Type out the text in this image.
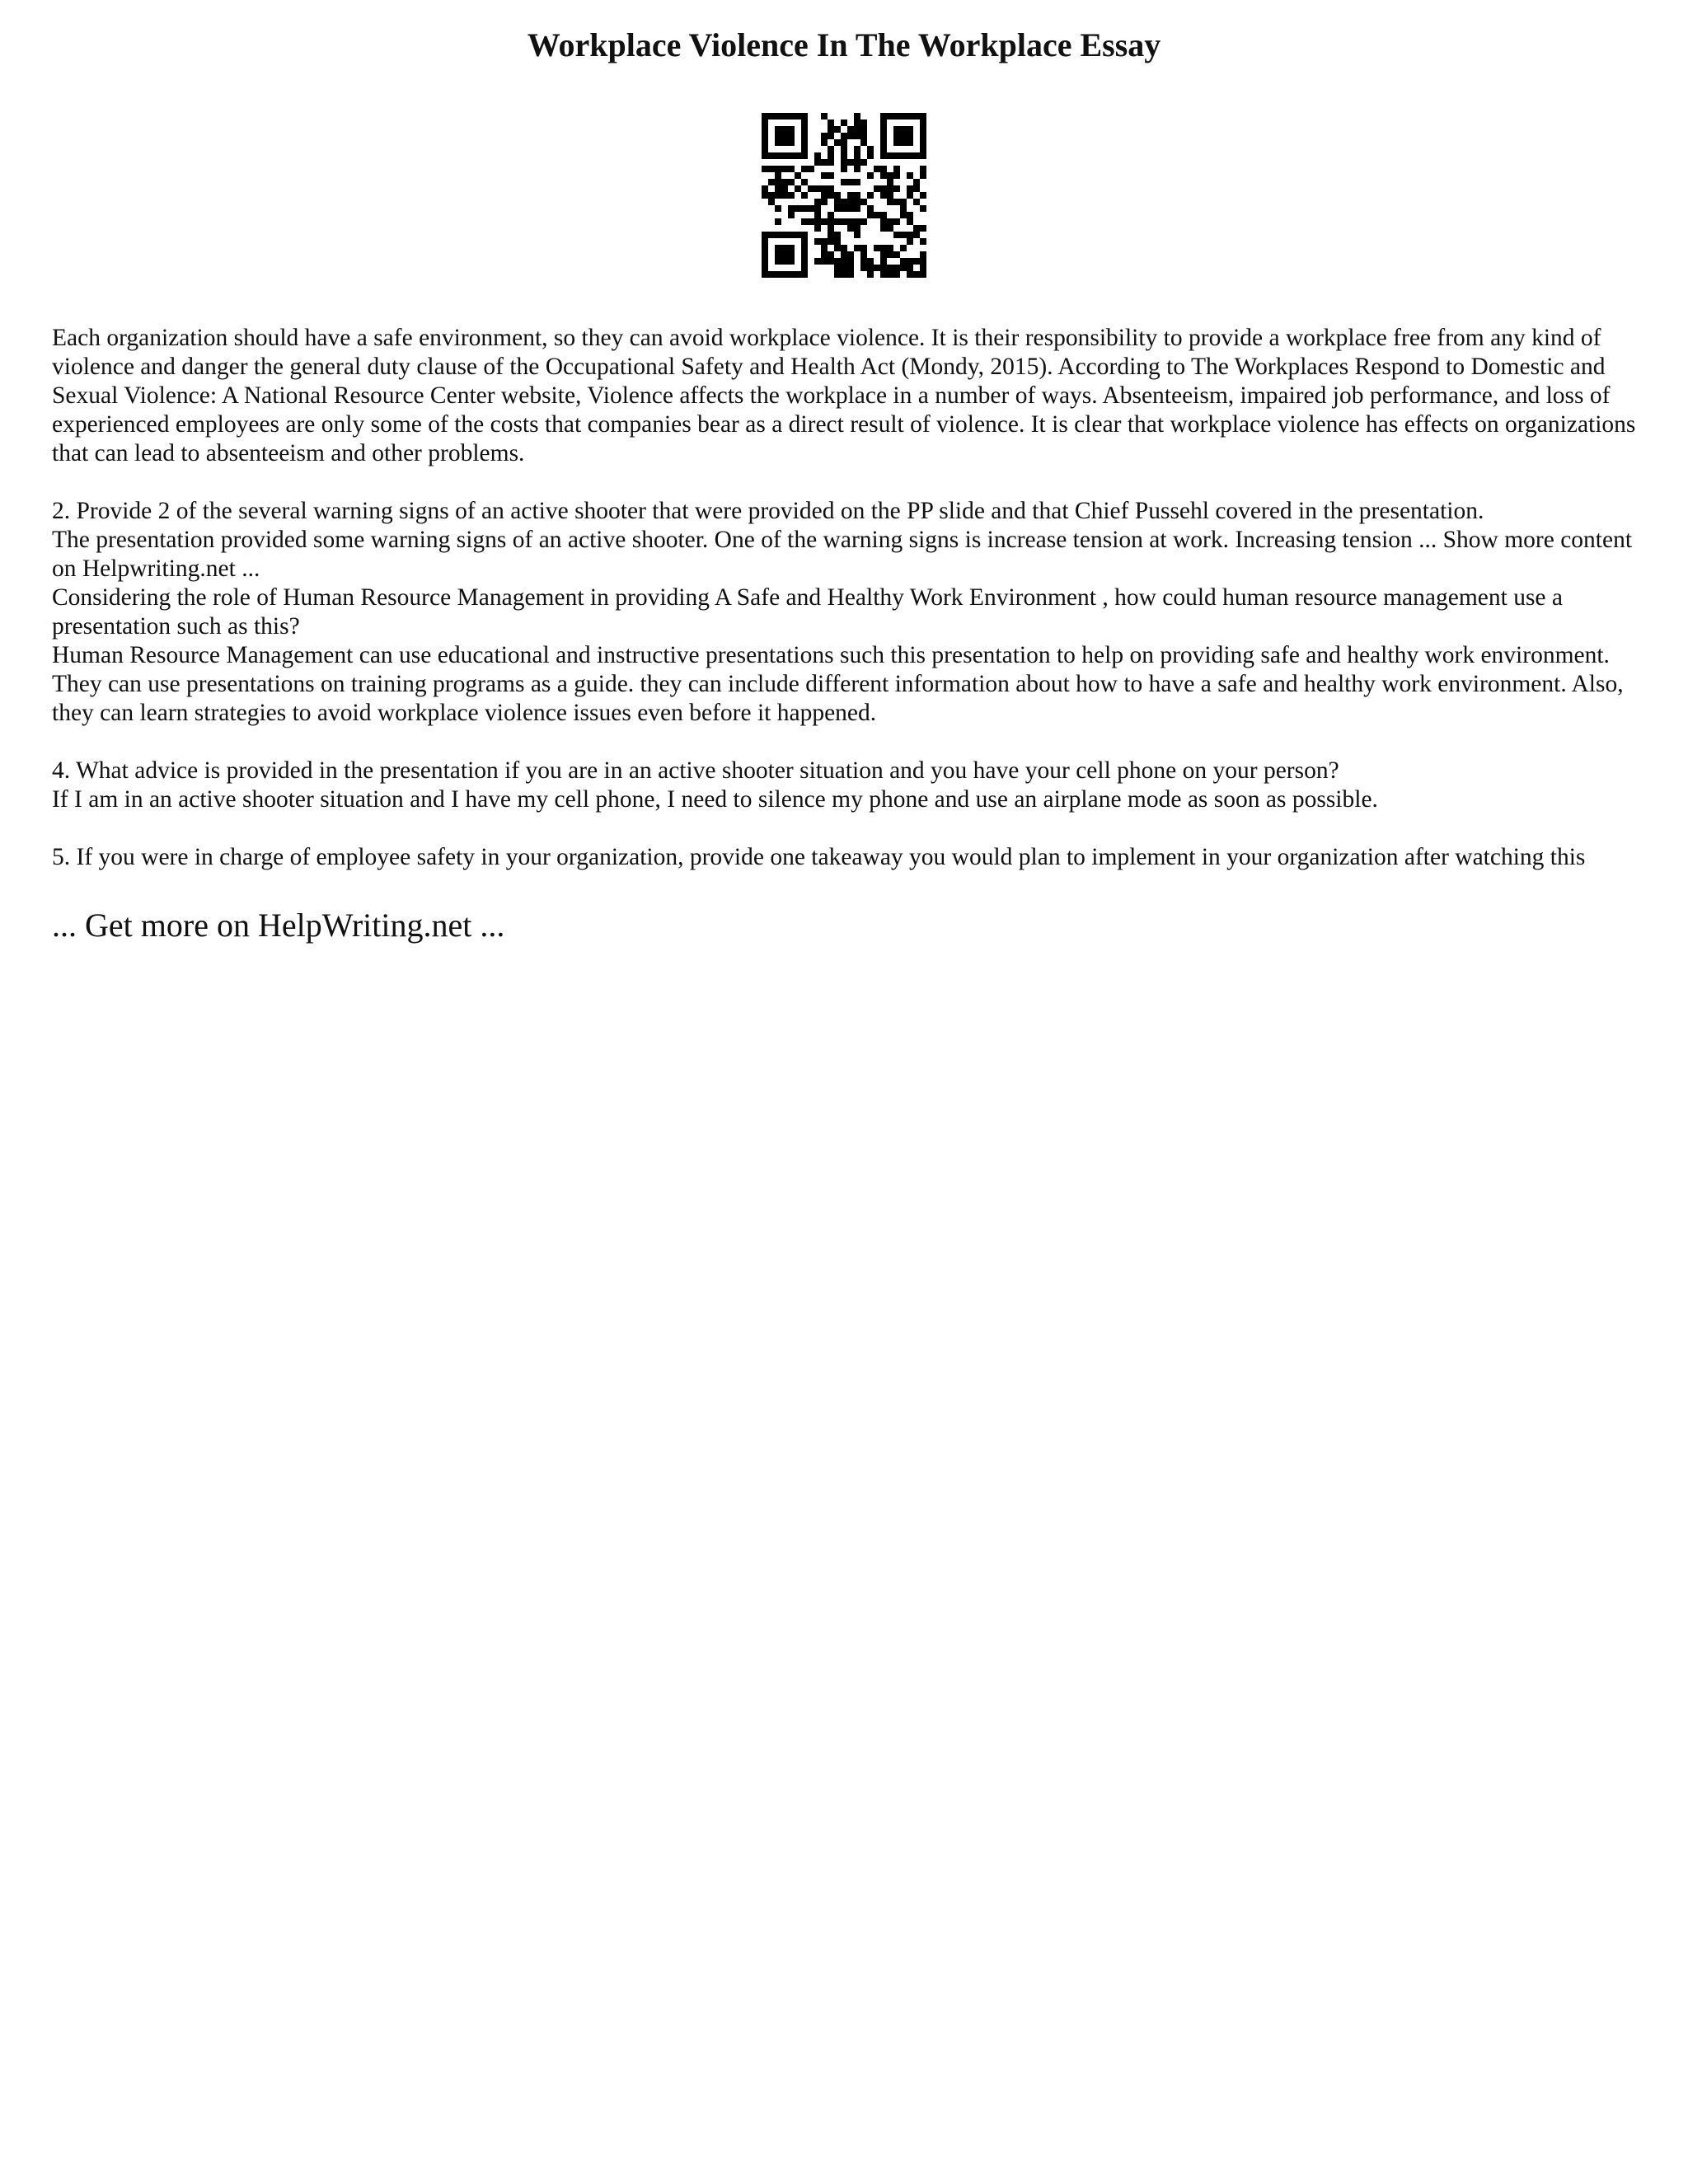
Workplace Violence In The Workplace Essay

Each organization should have a safe environment, so they can avoid workplace violence. It is their responsibility to provide a workplace free from any kind of violence and danger the general duty clause of the Occupational Safety and Health Act (Mondy, 2015). According to The Workplaces Respond to Domestic and Sexual Violence: A National Resource Center website, Violence affects the workplace in a number of ways. Absenteeism, impaired job performance, and loss of experienced employees are only some of the costs that companies bear as a direct result of violence. It is clear that workplace violence has effects on organizations that can lead to absenteeism and other problems.

2. Provide 2 of the several warning signs of an active shooter that were provided on the PP slide and that Chief Pussehl covered in the presentation.

The presentation provided some warning signs of an active shooter. One of the warning signs is increase tension at work. Increasing tension ... Show more content on Helpwriting.net ...

Considering the role of Human Resource Management in providing A Safe and Healthy Work Environment , how could human resource management use a presentation such as this?

Human Resource Management can use educational and instructive presentations such this presentation to help on providing safe and healthy work environment. They can use presentations on training programs as a guide. they can include different information about how to have a safe and healthy work environment. Also, they can learn strategies to avoid workplace violence issues even before it happened.

4. What advice is provided in the presentation if you are in an active shooter situation and you have your cell phone on your person?

If I am in an active shooter situation and I have my cell phone, I need to silence my phone and use an airplane mode as soon as possible.

5. If you were in charge of employee safety in your organization, provide one takeaway you would plan to implement in your organization after watching this

... Get more on HelpWriting.net ...
